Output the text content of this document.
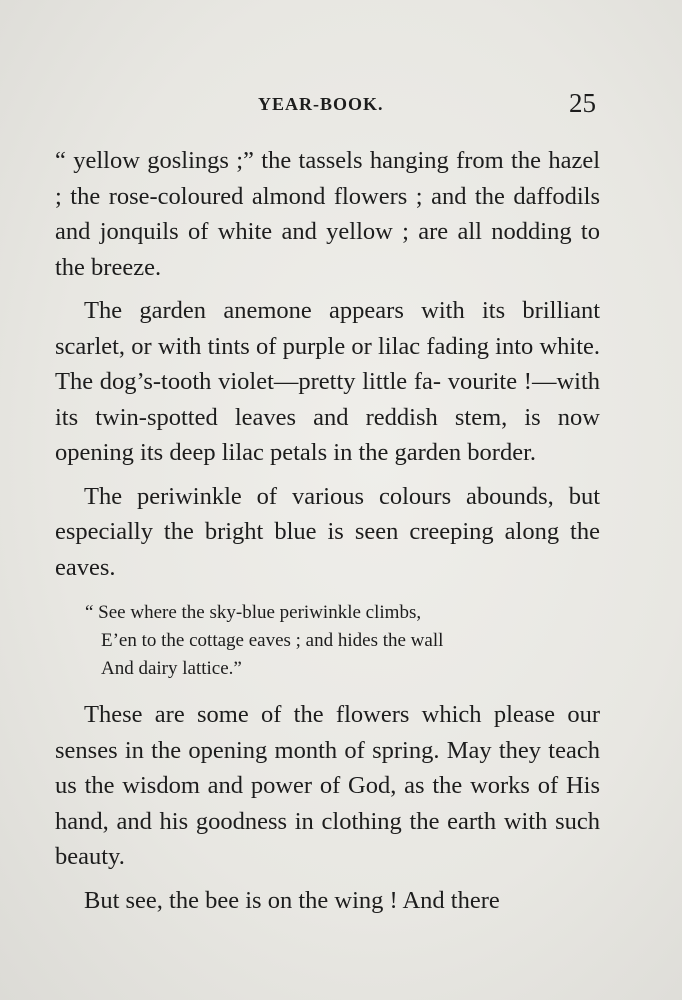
YEAR-BOOK.	25

“ yellow goslings ;” the tassels hanging from the hazel ; the rose-coloured almond flowers ; and the daffodils and jonquils of white and yellow ; are all nodding to the breeze.

The garden anemone appears with its brilliant scarlet, or with tints of purple or lilac fading into white. The dog’s-tooth violet—pretty little fa- vourite !—with its twin-spotted leaves and reddish stem, is now opening its deep lilac petals in the garden border.

The periwinkle of various colours abounds, but especially the bright blue is seen creeping along the eaves.

“ See where the sky-blue periwinkle climbs,
E’en to the cottage eaves ; and hides the wall
And dairy lattice.”

These are some of the flowers which please our senses in the opening month of spring. May they teach us the wisdom and power of God, as the works of His hand, and his goodness in clothing the earth with such beauty.

But see, the bee is on the wing ! And there
